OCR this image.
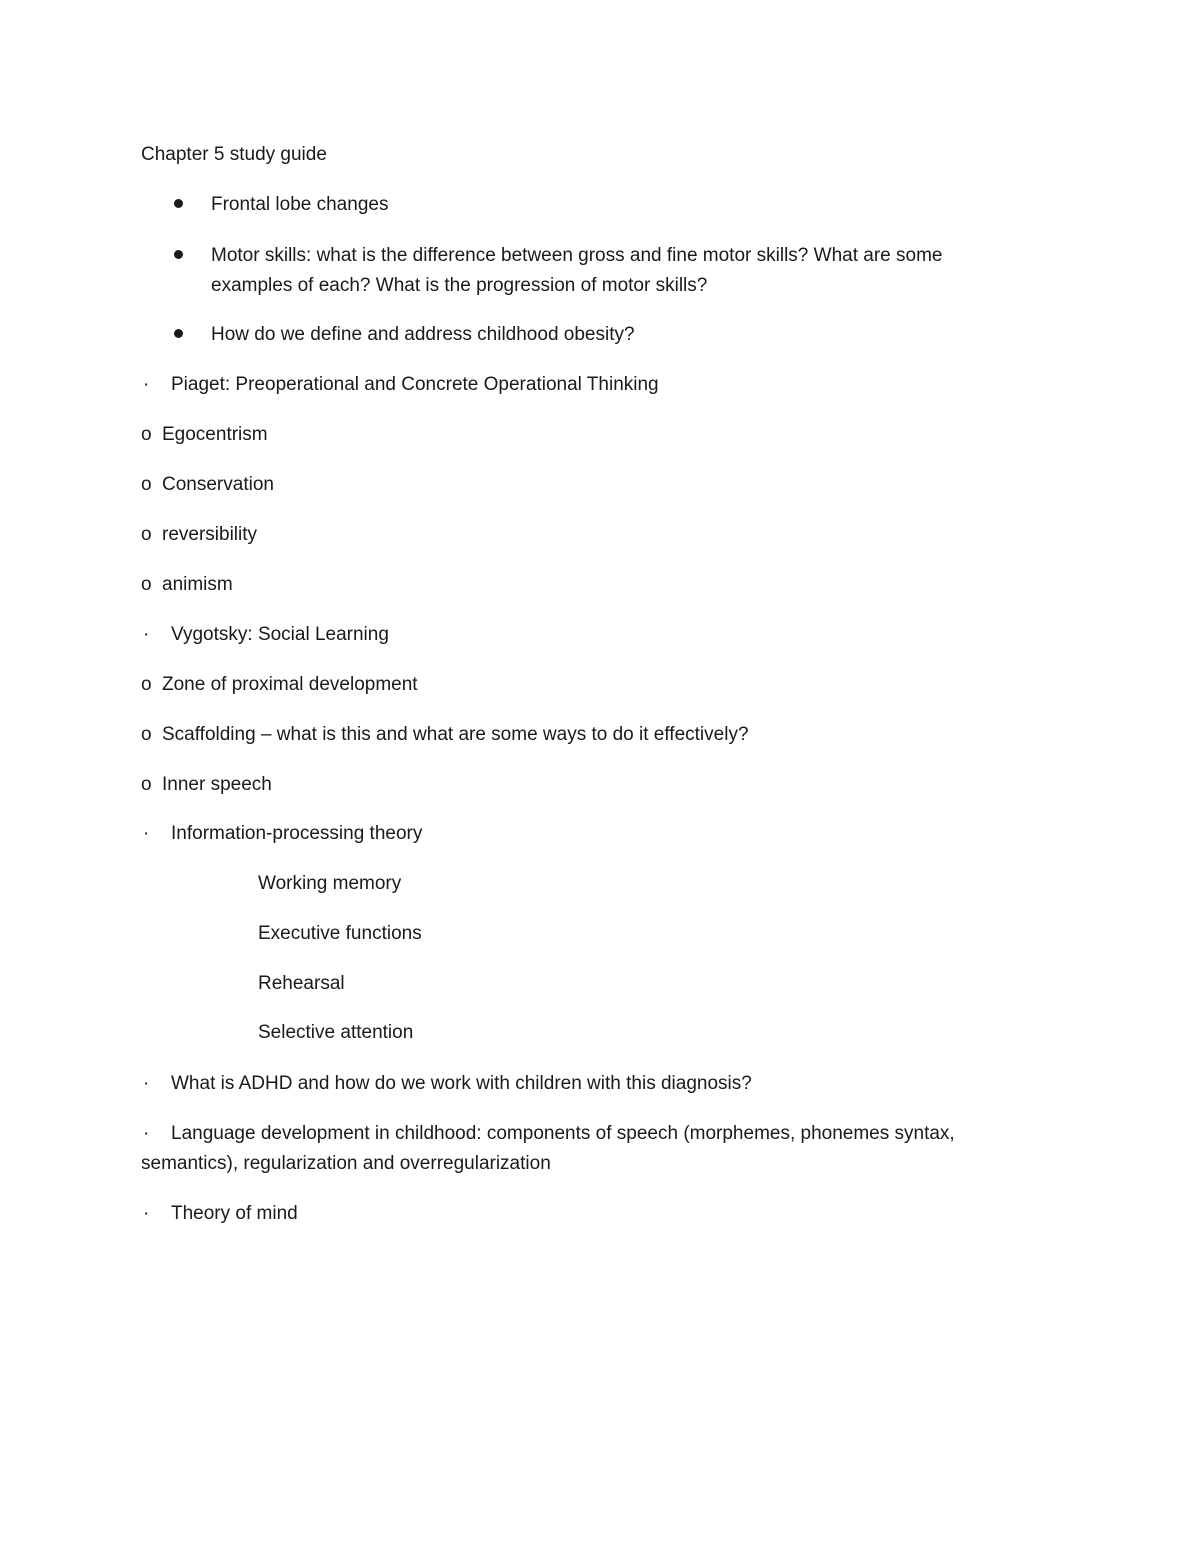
Chapter 5 study guide
Frontal lobe changes
Motor skills: what is the difference between gross and fine motor skills? What are some
examples of each? What is the progression of motor skills?
How do we define and address childhood obesity?
· Piaget: Preoperational and Concrete Operational Thinking
o Egocentrism
o Conservation
o reversibility
o animism
· Vygotsky: Social Learning
o Zone of proximal development
o Scaffolding – what is this and what are some ways to do it effectively?
o Inner speech
· Information-processing theory
Working memory
Executive functions
Rehearsal
Selective attention
· What is ADHD and how do we work with children with this diagnosis?
· Language development in childhood: components of speech (morphemes, phonemes syntax,
semantics), regularization and overregularization
· Theory of mind
